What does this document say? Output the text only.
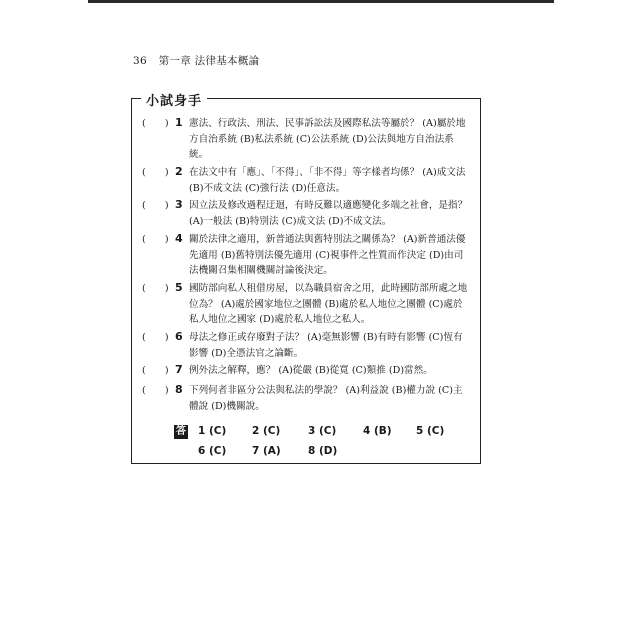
36 第一章 法律基本概論
小試身手
(　　) 1 憲法、行政法、刑法、民事訴訟法及國際私法等屬於？ (A)屬於地方自治系統 (B)私法系統 (C)公法系統 (D)公法與地方自治法系統。
(　　) 2 在法文中有「應」、「不得」、「非不得」等字樣者均係？ (A)成文法 (B)不成文法 (C)強行法 (D)任意法。
(　　) 3 因立法及修改過程迂迴，有時反難以適應變化多端之社會，是指？ (A)一般法 (B)特別法 (C)成文法 (D)不成文法。
(　　) 4 關於法律之適用，新普通法與舊特別法之關係為？ (A)新普通法優先適用 (B)舊特別法優先適用 (C)視事件之性質而作決定 (D)由司法機關召集相關機關討論後決定。
(　　) 5 國防部向私人租借房屋，以為職員宿舍之用，此時國防部所處之地位為？ (A)處於國家地位之團體 (B)處於私人地位之團體 (C)處於私人地位之國家 (D)處於私人地位之私人。
(　　) 6 母法之修正或存廢對子法？ (A)毫無影響 (B)有時有影響 (C)恆有影響 (D)全憑法官之論斷。
(　　) 7 例外法之解釋，應？ (A)從嚴 (B)從寬 (C)類推 (D)當然。
(　　) 8 下列何者非區分公法與私法的學說？ (A)利益說 (B)權力說 (C)主體說 (D)機關說。
答 1 (C) 2 (C)	3 (C)	4 (B) 5 (C)
6 (C) 7 (A)	8 (D)
